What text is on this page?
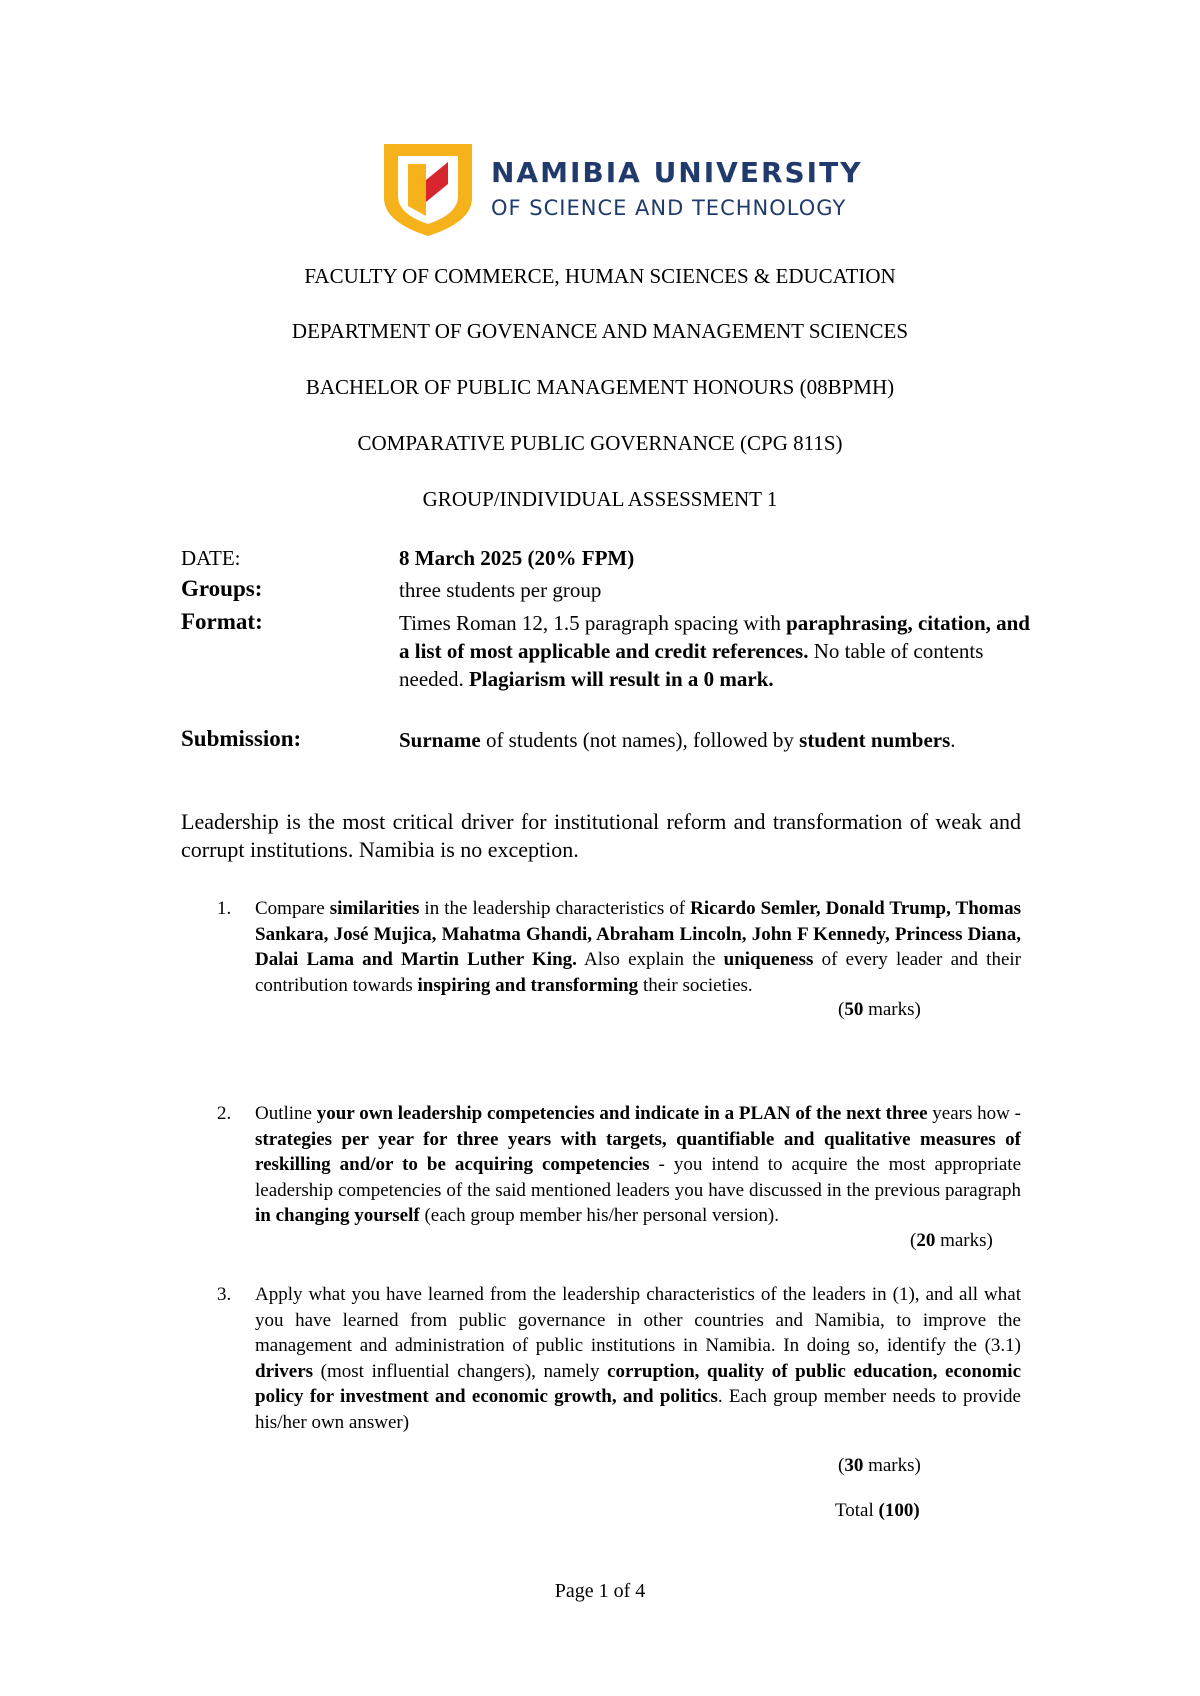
NAMIBIA UNIVERSITY
OF SCIENCE AND TECHNOLOGY
FACULTY OF COMMERCE, HUMAN SCIENCES & EDUCATION
DEPARTMENT OF GOVENANCE AND MANAGEMENT SCIENCES
BACHELOR OF PUBLIC MANAGEMENT HONOURS (08BPMH)
COMPARATIVE PUBLIC GOVERNANCE (CPG 811S)
GROUP/INDIVIDUAL ASSESSMENT 1
DATE:	8 March 2025 (20% FPM)
Groups:	three students per group
Format:	Times Roman 12, 1.5 paragraph spacing with paraphrasing, citation, and a list of most applicable and credit references. No table of contents needed. Plagiarism will result in a 0 mark.
Submission:	Surname of students (not names), followed by student numbers.

Leadership is the most critical driver for institutional reform and transformation of weak and corrupt institutions. Namibia is no exception.

1. Compare similarities in the leadership characteristics of Ricardo Semler, Donald Trump, Thomas Sankara, José Mujica, Mahatma Ghandi, Abraham Lincoln, John F Kennedy, Princess Diana, Dalai Lama and Martin Luther King. Also explain the uniqueness of every leader and their contribution towards inspiring and transforming their societies.
(50 marks)
2. Outline your own leadership competencies and indicate in a PLAN of the next three years how - strategies per year for three years with targets, quantifiable and qualitative measures of reskilling and/or to be acquiring competencies - you intend to acquire the most appropriate leadership competencies of the said mentioned leaders you have discussed in the previous paragraph in changing yourself (each group member his/her personal version).
(20 marks)
3. Apply what you have learned from the leadership characteristics of the leaders in (1), and all what you have learned from public governance in other countries and Namibia, to improve the management and administration of public institutions in Namibia. In doing so, identify the (3.1) drivers (most influential changers), namely corruption, quality of public education, economic policy for investment and economic growth, and politics. Each group member needs to provide his/her own answer)
(30 marks)
Total (100)
Page 1 of 4
